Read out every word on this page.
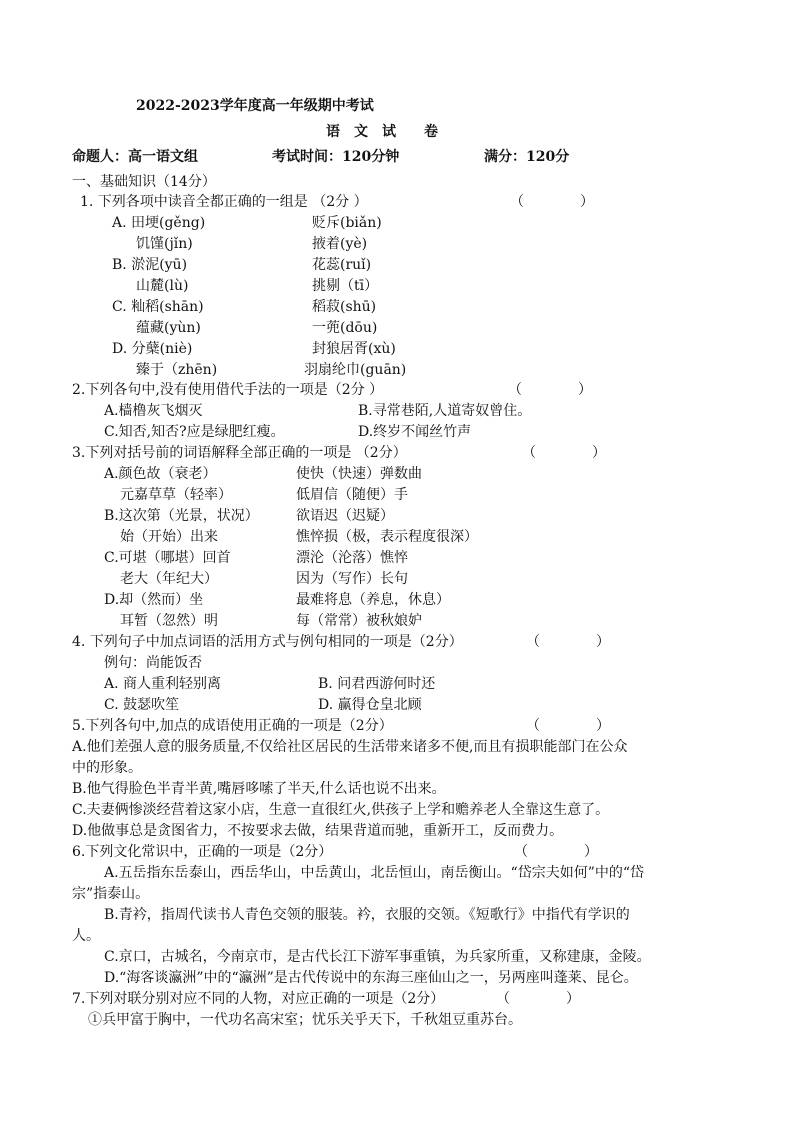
2022-2023学年度高一年级期中考试
语　文　试　　卷
命题人：高一语文组	考试时间：120分钟	满分：120分
一、基础知识（14分）
1. 下列各项中读音全都正确的一组是 （2分 ）	（　　　　）
A. 田埂(gěng)	贬斥(biǎn)
饥馑(jǐn)	掖着(yè)
B. 淤泥(yū)	花蕊(ruǐ)
山麓(lù)	挑剔（tī）
C. 籼稻(shān)	稻菽(shū)
蕴藏(yùn)	一蔸(dōu)
D. 分蘖(niè)	封狼居胥(xù)
臻于（zhēn)	羽扇纶巾(guān)
2.下列各句中,没有使用借代手法的一项是（2分 ）	（　　　　）
A.樯橹灰飞烟灭	B.寻常巷陌,人道寄奴曾住。
C.知否,知否?应是绿肥红瘦。	D.终岁不闻丝竹声
3.下列对括号前的词语解释全部正确的一项是 （2分）	（　　　　）
A.颜色故（衰老）	使快（快速）弹数曲
元嘉草草（轻率）	低眉信（随便）手
B.这次第（光景，状况）	欲语迟（迟疑）
始（开始）出来	憔悴损（极，表示程度很深）
C.可堪（哪堪）回首	漂沦（沦落）憔悴
老大（年纪大）	因为（写作）长句
D.却（然而）坐	最难将息（养息，休息）
耳暂（忽然）明	每（常常）被秋娘妒
4. 下列句子中加点词语的活用方式与例句相同的一项是（2分）	（　　　　）
例句：尚能饭否
A. 商人重利轻别离	B. 问君西游何时还
C. 鼓瑟吹笙	D. 赢得仓皇北顾
5.下列各句中,加点的成语使用正确的一项是（2分）	（　　　　）
A.他们差强人意的服务质量,不仅给社区居民的生活带来诸多不便,而且有损职能部门在公众
中的形象。
B.他气得脸色半青半黄,嘴唇哆嗦了半天,什么话也说不出来。
C.夫妻俩惨淡经营着这家小店，生意一直很红火,供孩子上学和赡养老人全靠这生意了。
D.他做事总是贪图省力，不按要求去做，结果背道而驰，重新开工，反而费力。
6.下列文化常识中，正确的一项是（2分）	（　　　　）
A.五岳指东岳泰山，西岳华山，中岳黄山，北岳恒山，南岳衡山。“岱宗夫如何”中的“岱
宗”指泰山。
B.青衿，指周代读书人青色交领的服装。衿，衣服的交领。《短歌行》中指代有学识的
人。
C.京口，古城名，今南京市，是古代长江下游军事重镇，为兵家所重，又称建康，金陵。
D.“海客谈瀛洲”中的“瀛洲”是古代传说中的东海三座仙山之一，另两座叫蓬莱、昆仑。
7.下列对联分别对应不同的人物，对应正确的一项是（2分）	（　　　　）
①兵甲富于胸中，一代功名高宋室；忧乐关乎天下，千秋俎豆重苏台。
